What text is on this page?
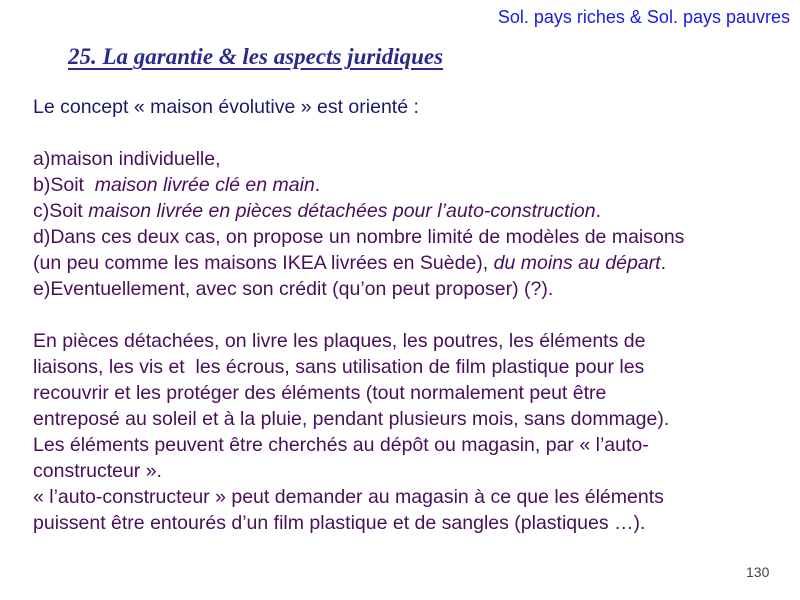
Sol. pays riches & Sol. pays pauvres
25. La garantie & les aspects juridiques

Le concept « maison évolutive » est orienté :

a)maison individuelle,

b)Soit  maison livrée clé en main.

c)Soit maison livrée en pièces détachées pour l’auto-construction.

d)Dans ces deux cas, on propose un nombre limité de modèles de maisons

(un peu comme les maisons IKEA livrées en Suède), du moins au départ.

e)Eventuellement, avec son crédit (qu’on peut proposer) (?).

En pièces détachées, on livre les plaques, les poutres, les éléments de

liaisons, les vis et  les écrous, sans utilisation de film plastique pour les

recouvrir et les protéger des éléments (tout normalement peut être

entreposé au soleil et à la pluie, pendant plusieurs mois, sans dommage).

Les éléments peuvent être cherchés au dépôt ou magasin, par « l’auto-

constructeur ».

« l’auto-constructeur » peut demander au magasin à ce que les éléments

puissent être entourés d’un film plastique et de sangles (plastiques …).

130
